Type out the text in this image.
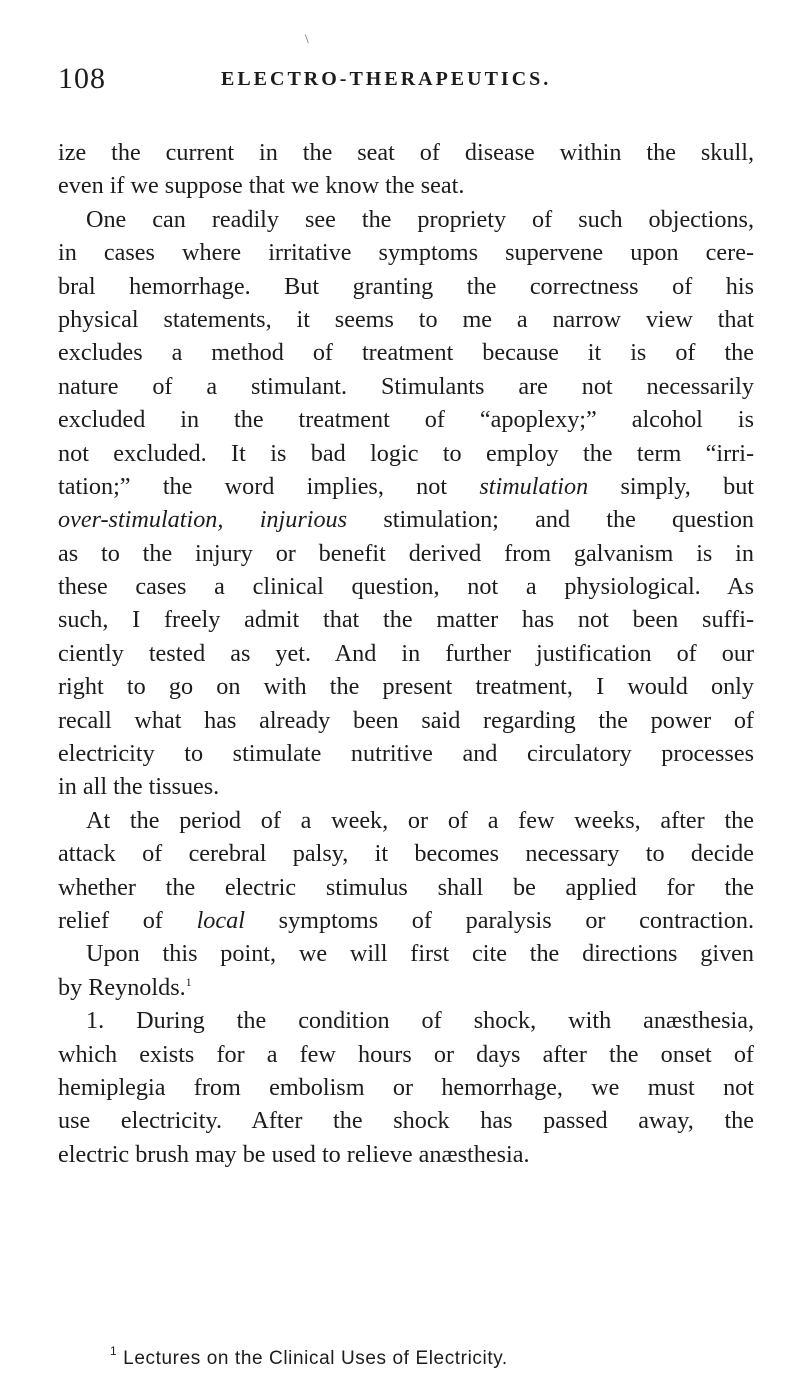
\
108	ELECTRO-THERAPEUTICS.
ize the current in the seat of disease within the skull,
even if we suppose that we know the seat.
One can readily see the propriety of such objections,
in cases where irritative symptoms supervene upon cere-
bral hemorrhage. But granting the correctness of his
physical statements, it seems to me a narrow view that
excludes a method of treatment because it is of the
nature of a stimulant. Stimulants are not necessarily
excluded in the treatment of “apoplexy;” alcohol is
not excluded. It is bad logic to employ the term “irri-
tation;” the word implies, not stimulation simply, but
over-stimulation, injurious stimulation; and the question
as to the injury or benefit derived from galvanism is in
these cases a clinical question, not a physiological. As
such, I freely admit that the matter has not been suffi-
ciently tested as yet. And in further justification of our
right to go on with the present treatment, I would only
recall what has already been said regarding the power of
electricity to stimulate nutritive and circulatory processes
in all the tissues.
At the period of a week, or of a few weeks, after the
attack of cerebral palsy, it becomes necessary to decide
whether the electric stimulus shall be applied for the
relief of local symptoms of paralysis or contraction.
Upon this point, we will first cite the directions given
by Reynolds.$^1$
1. During the condition of shock, with anæsthesia,
which exists for a few hours or days after the onset of
hemiplegia from embolism or hemorrhage, we must not
use electricity. After the shock has passed away, the
electric brush may be used to relieve anæsthesia.
$^1$ Lectures on the Clinical Uses of Electricity.
